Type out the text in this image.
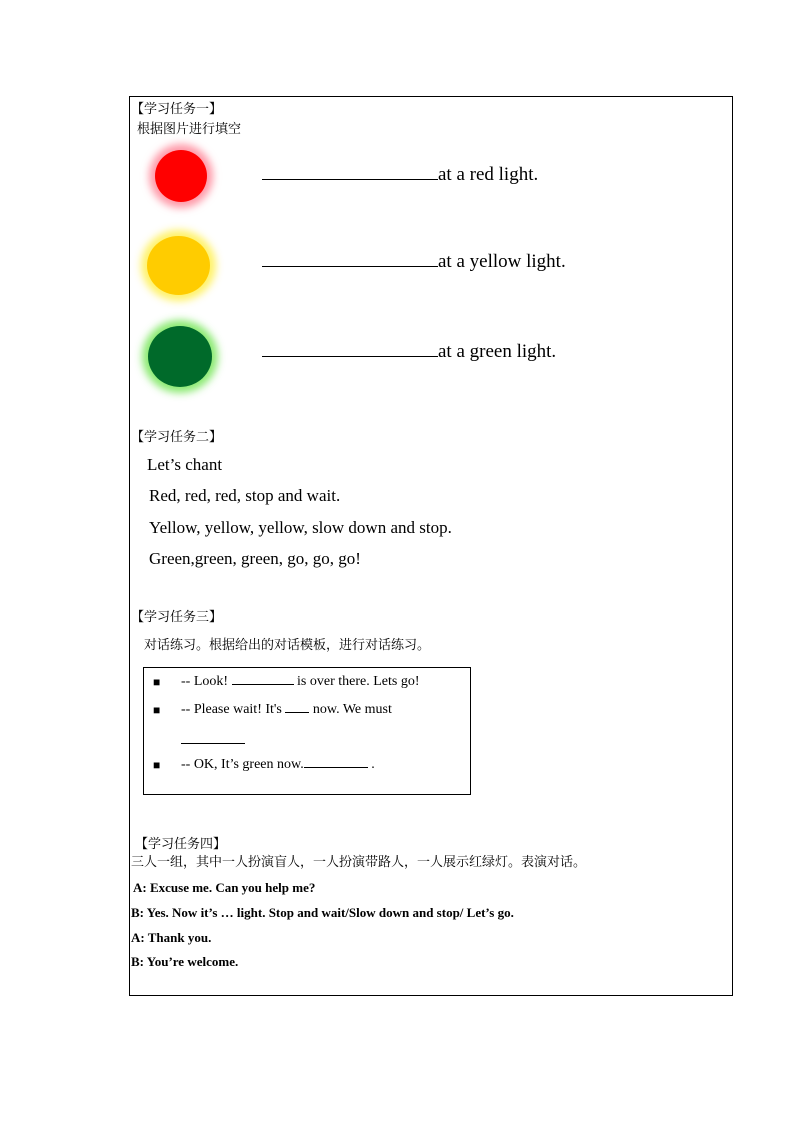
【学习任务一】
根据图片进行填空
at a red light.
at a yellow light.
at a green light.
【学习任务二】
Let’s chant
Red, red, red, stop and wait.
Yellow, yellow, yellow, slow down and stop.
Green,green, green, go, go, go!
【学习任务三】
对话练习。根据给出的对话模板，进行对话练习。
■ -- Look!	is over there. Lets go!
■ -- Please wait! It's now. We must
■ -- OK, It’s green now.	.
【学习任务四】
三人一组，其中一人扮演盲人，一人扮演带路人，一人展示红绿灯。表演对话。
A: Excuse me. Can you help me?
B: Yes. Now it’s … light. Stop and wait/Slow down and stop/ Let’s go.
A: Thank you.
B: You’re welcome.
